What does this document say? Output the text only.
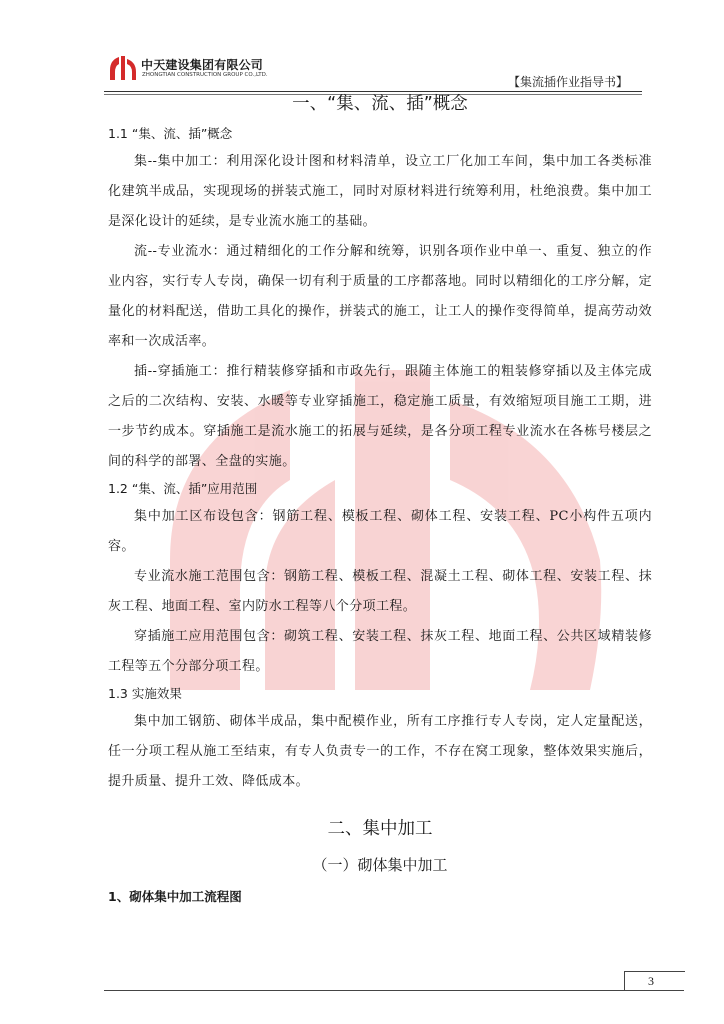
中天建设集团有限公司
ZHONGTIAN CONSTRUCTION GROUP CO.,LTD.	【集流插作业指导书】
一、“集、流、插”概念
1.1 “集、流、插”概念

集--集中加工：利用深化设计图和材料清单，设立工厂化加工车间，集中加工各类标准化建筑半成品，实现现场的拼装式施工，同时对原材料进行统筹利用，杜绝浪费。集中加工是深化设计的延续，是专业流水施工的基础。

流--专业流水：通过精细化的工作分解和统筹，识别各项作业中单一、重复、独立的作业内容，实行专人专岗，确保一切有利于质量的工序都落地。同时以精细化的工序分解，定量化的材料配送，借助工具化的操作，拼装式的施工，让工人的操作变得简单，提高劳动效率和一次成活率。

插--穿插施工：推行精装修穿插和市政先行，跟随主体施工的粗装修穿插以及主体完成之后的二次结构、安装、水暖等专业穿插施工，稳定施工质量，有效缩短项目施工工期，进一步节约成本。穿插施工是流水施工的拓展与延续，是各分项工程专业流水在各栋号楼层之间的科学的部署、全盘的实施。

1.2 “集、流、插”应用范围

集中加工区布设包含：钢筋工程、模板工程、砌体工程、安装工程、PC小构件五项内容。

专业流水施工范围包含：钢筋工程、模板工程、混凝土工程、砌体工程、安装工程、抹灰工程、地面工程、室内防水工程等八个分项工程。

穿插施工应用范围包含：砌筑工程、安装工程、抹灰工程、地面工程、公共区域精装修工程等五个分部分项工程。

1.3 实施效果

集中加工钢筋、砌体半成品，集中配模作业，所有工序推行专人专岗，定人定量配送，任一分项工程从施工至结束，有专人负责专一的工作，不存在窝工现象，整体效果实施后，提升质量、提升工效、降低成本。

二、集中加工
（一）砌体集中加工
1、砌体集中加工流程图
3
